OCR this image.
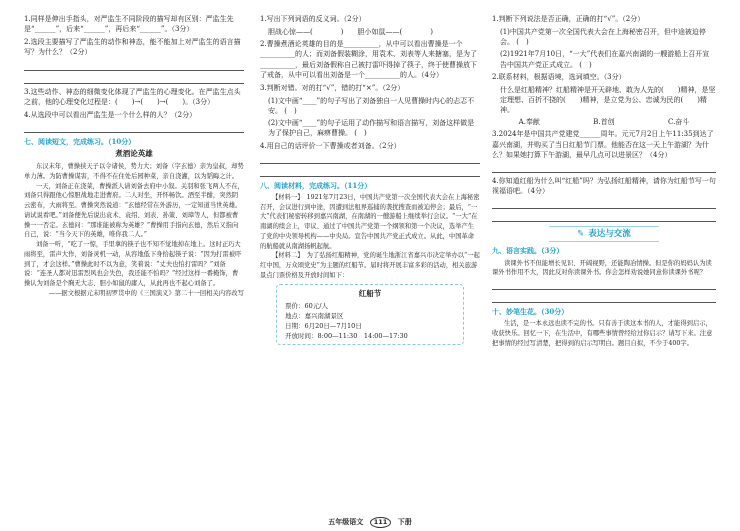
1.同样是伸出手指头，对严监生不同阶段的描写却有区别：严监生先是“______”，后来“______”，再后来“______”。（3分）

2.选段主要描写了严监生的动作和神态，能不能加上对严监生的语言描写？为什么？（2分）

3.这些动作、神态的细微变化体现了严监生的心理变化。在严监生点头之前，他的心理变化过程是：(　　)→(　　)→(　　)。（3分）

4.从选段中可以看出严监生是一个什么样的人？（2分）

七、阅读短文，完成练习。（10分）
煮酒论英雄

东汉末年，曹操挟天子以令诸侯，势力大；刘备（字玄德）亲为皇叔，却势单力薄。为防曹操谋害，不得不在住处后园种菜，亲自浇灌，以为韬晦之计。

一天，刘备正在浇菜，曹操派人请刘备去府中小叙。关羽和张飞两人不在，刘备只得跟他心惊胆战地走进曹府。二人对坐，开怀畅饮。酒至半酣，突然阴云密布，大雨将至。曹操突然说道：“玄德经常在外游历，一定知道当世英雄。请试说看吧。”刘备便先后说出袁术、袁绍、刘表、孙策、刘璋等人，但都被曹操一一否定。玄德问：“那谁能被称为英雄？”曹操用手指向玄德，然后又指向自己，说：“当今天下的英雄，唯你我二人。”

刘备一听，“吃了一惊，手里拿的筷子也不知不觉地掉在地上。这时正巧大雨将至，雷声大作，刘备灵机一动，从容地低下身拾起筷子说：“因为打雷被吓到了，才会这样。”曹操此时不以为意，笑着说：“丈夫也怕打雷吗？”刘备说：“连圣人都对迅雷烈风也会失色，我还能不怕吗？”经过这样一番掩饰，曹操认为刘备是个胸无大志、胆小如鼠的庸人，从此再也不起心刘备了。

——据文根据元末明初罗贯中的《三国演义》第二十一回相关内容改写

1.写出下列词语的反义词。（2分）

胆战心惊——(　　　　)　　胆小如鼠——(　　　　)

2.曹操煮酒论英雄的目的是__________，从中可以看出曹操是一个__________的人；而刘备假装糊涂，用袁术、刘表等人来搪塞，是为了__________，最后刘备假称自己被打雷吓得掉了筷子，终于使曹操放下了戒备，从中可以看出刘备是一个__________的人。（4分）

3.判断对错。对的打“√”，错的打“×”。（2分）

(1)文中画“____”的句子写出了刘备独自一人见曹操时内心的忐忑不安。 (　)

(2)文中画“____”的句子运用了动作描写和语言描写，刘备这样做是为了保护自己，麻痹曹操。 (　)

4.用自己的话评价一下曹操或者刘备。（2分）

八、阅读材料，完成练习。（11分）

【材料一】　1921年7月23日，中国共产党第一次全国代表大会在上海秘密召开，会议进行到中途，因遭到法租界巡捕的袭扰搜查而被迫停会；最后，“一大”代表们秘密转移到嘉兴南湖，在南湖的一艘游船上继续举行会议。“一大”在南湖的续会上，审议、通过了中国共产党第一个纲领和第一个决议，选举产生了党的中央领导机构——中央局。宣告中国共产党正式成立。从此，中国革命的航船就从南湖扬帆起航。

【材料二】　为了弘扬红船精神，党的诞生地浙江省嘉兴市决定举办以“一起红中国，万众颂党史”为主题的红船节。届时将开展丰富多彩的活动，相关旅游景点门票价格及开放时间如下：

红船节
票价：60元/人
地点：嘉兴南湖景区
日期：6月20日—7月10日
开放时间：8:00—11:30　14:00—17:30

1.判断下列说法是否正确，正确的打“√”。（2分）

(1)中国共产党第一次全国代表大会在上海秘密召开，但中途被迫停会。 (　)

(2)1921年7月10日，“一大”代表们在嘉兴南湖的一艘游船上召开宣告中国共产党正式成立。 (　)

2.联系材料，根据语境，选词填空。（3分）

什么是红船精神？红船精神是开天辟地、敢为人先的(　　)精神，是坚定理想、百折不挠的(　　)精神，是立党为公、忠诚为民的(　　)精神。

A.奉献	B.首创	C.奋斗

3.2024年是中国共产党建党______周年。元元7月2日上午11:35到达了嘉兴南湖，并购买了当日红船节门票。他能否在这一天上午游湖？为什么？如果她打算下午游湖，最早几点可以进景区？（4分）

4.你知道红船为什么叫“红船”吗？为弘扬红船精神，请你为红船节写一句视福语吧。（4分）

✎ 表达与交流
九、语言实践。（3分）

读课外书不但能增长见识、开阔视野，还能陶冶情操。但是你的妈妈认为读课外书作用不大，因此反对你读课外书。你会怎样劝说她同意你读课外书呢？

十、妙笔生花。（30分）

生活，是一本永远也读不完的书。只有善于读这本书的人，才能得到启示，收获快乐。回忆一下，在生活中，有哪些事情曾经给过你启示？请写下来。注意把事情的经过写清楚，把得到的启示写明白。题目自拟，不少于400字。

五年级语文 111 下册
